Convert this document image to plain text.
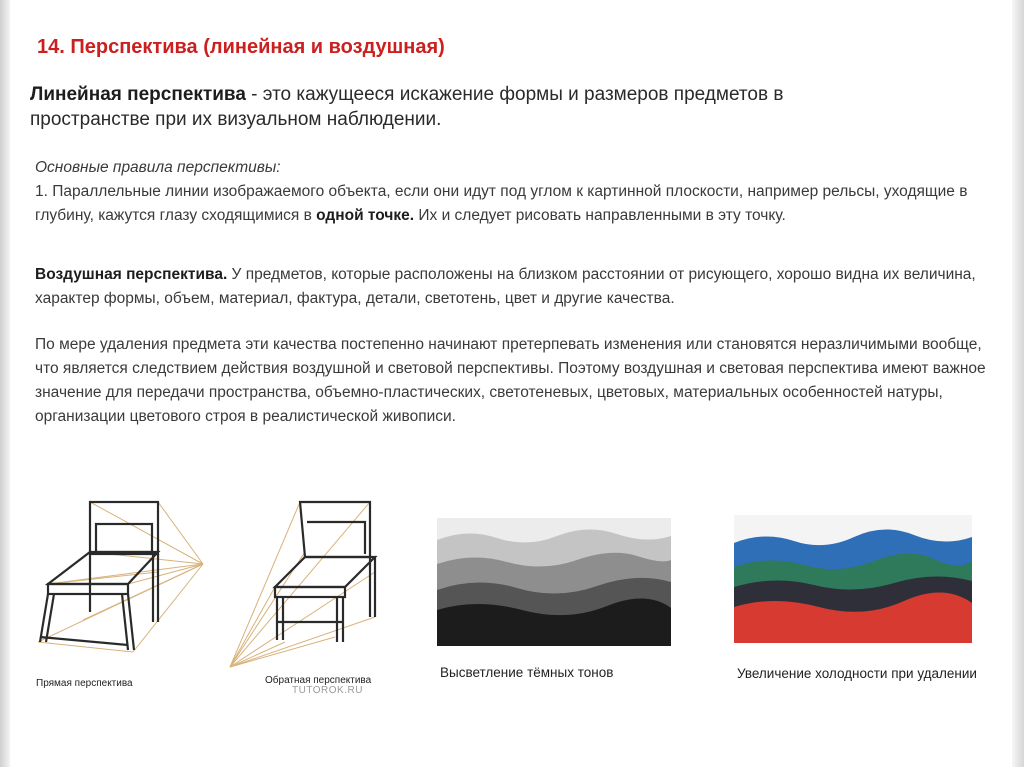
14. Перспектива (линейная и воздушная)
Линейная перспектива - это кажущееся искажение формы и размеров предметов в пространстве при их визуальном наблюдении.
Основные правила перспективы:
1. Параллельные линии изображаемого объекта, если они идут под углом к картинной плоскости, например рельсы, уходящие в глубину, кажутся глазу сходящимися в одной точке. Их и следует рисовать направленными в эту точку.

Воздушная перспектива. У предметов, которые расположены на близком расстоянии от рисующего, хорошо видна их величина, характер формы, объем, материал, фактура, детали, светотень, цвет и другие качества.

По мере удаления предмета эти качества постепенно начинают претерпевать изменения или становятся неразличимыми вообще, что является следствием действия воздушной и световой перспективы. Поэтому воздушная и световая перспектива имеют важное значение для передачи пространства, объемно-пластических, светотеневых, цветовых, материальных особенностей натуры, организации цветового строя в реалистической живописи.

Прямая перспектива	Обратная перспектива
TUTOROK.RU
Высветление тёмных тонов	Увеличение холодности при удалении
